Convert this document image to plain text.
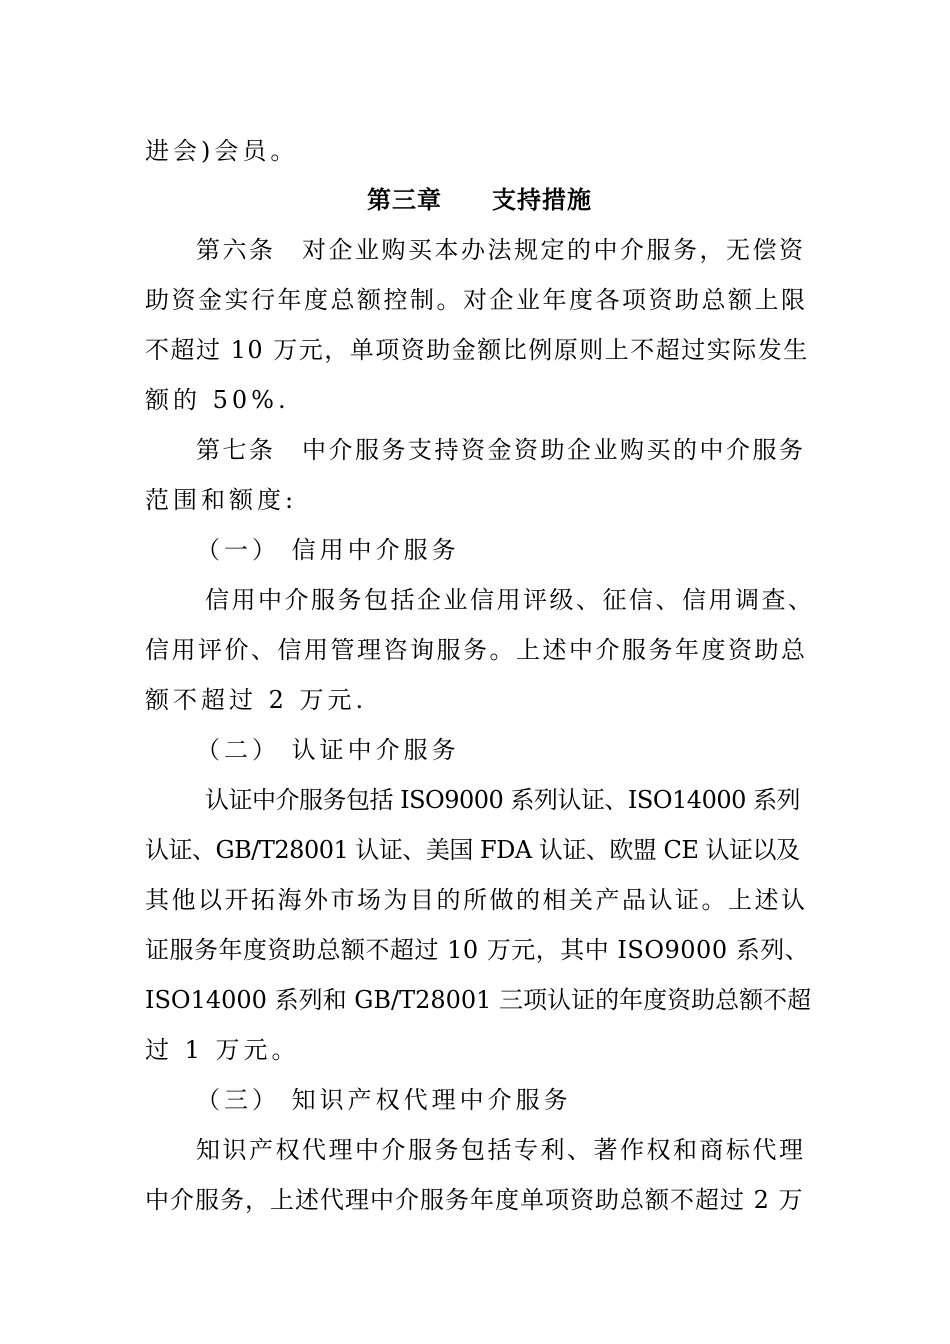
进会)会员。
第三章　　支持措施
第六条　对企业购买本办法规定的中介服务，无偿资
助资金实行年度总额控制。对企业年度各项资助总额上限
不超过 10 万元，单项资助金额比例原则上不超过实际发生
额的 50%.
第七条　中介服务支持资金资助企业购买的中介服务
范围和额度:
（一） 信用中介服务
信用中介服务包括企业信用评级、征信、信用调查、
信用评价、信用管理咨询服务。上述中介服务年度资助总
额不超过 2 万元.
（二） 认证中介服务
认证中介服务包括 ISO9000 系列认证、ISO14000 系列
认证、GB/T28001 认证、美国 FDA 认证、欧盟 CE 认证以及
其他以开拓海外市场为目的所做的相关产品认证。上述认
证服务年度资助总额不超过 10 万元，其中 ISO9000 系列、
ISO14000 系列和 GB/T28001 三项认证的年度资助总额不超
过 1 万元。
（三） 知识产权代理中介服务
知识产权代理中介服务包括专利、著作权和商标代理
中介服务，上述代理中介服务年度单项资助总额不超过 2 万
